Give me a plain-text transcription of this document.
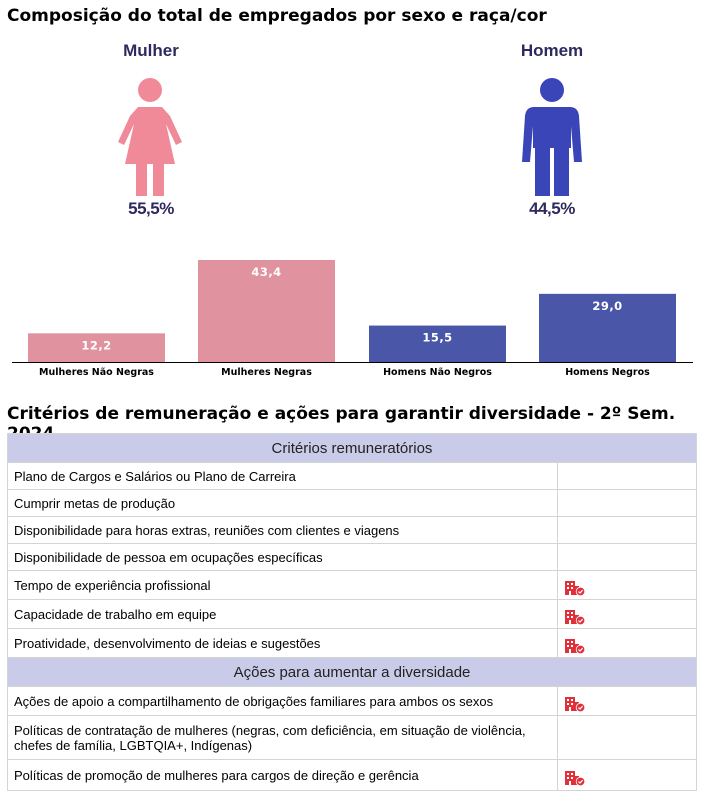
Composição do total de empregados por sexo e raça/cor
Mulher
55,5%
Homem
44,5%
12,2
Mulheres Não Negras
43,4
Mulheres Negras
15,5
Homens Não Negros
29,0
Homens Negros
Critérios de remuneração e ações para garantir diversidade - 2º Sem.
Critérios remuneratórios	
Plano de Cargos e Salários ou Plano de Carreira	
Cumprir metas de produção	
Disponibilidade para horas extras, reuniões com clientes e viagens	
Disponibilidade de pessoa em ocupações específicas	
Tempo de experiência profissional	
Capacidade de trabalho em equipe	
Proatividade, desenvolvimento de ideias e sugestões	
Ações para aumentar a diversidade	
Ações de apoio a compartilhamento de obrigações familiares para ambos os sexos	
Políticas de contratação de mulheres (negras, com deficiência, em situação de violência, chefes de família, LGBTQIA+, Indígenas)	
Políticas de promoção de mulheres para cargos de direção e gerência	
